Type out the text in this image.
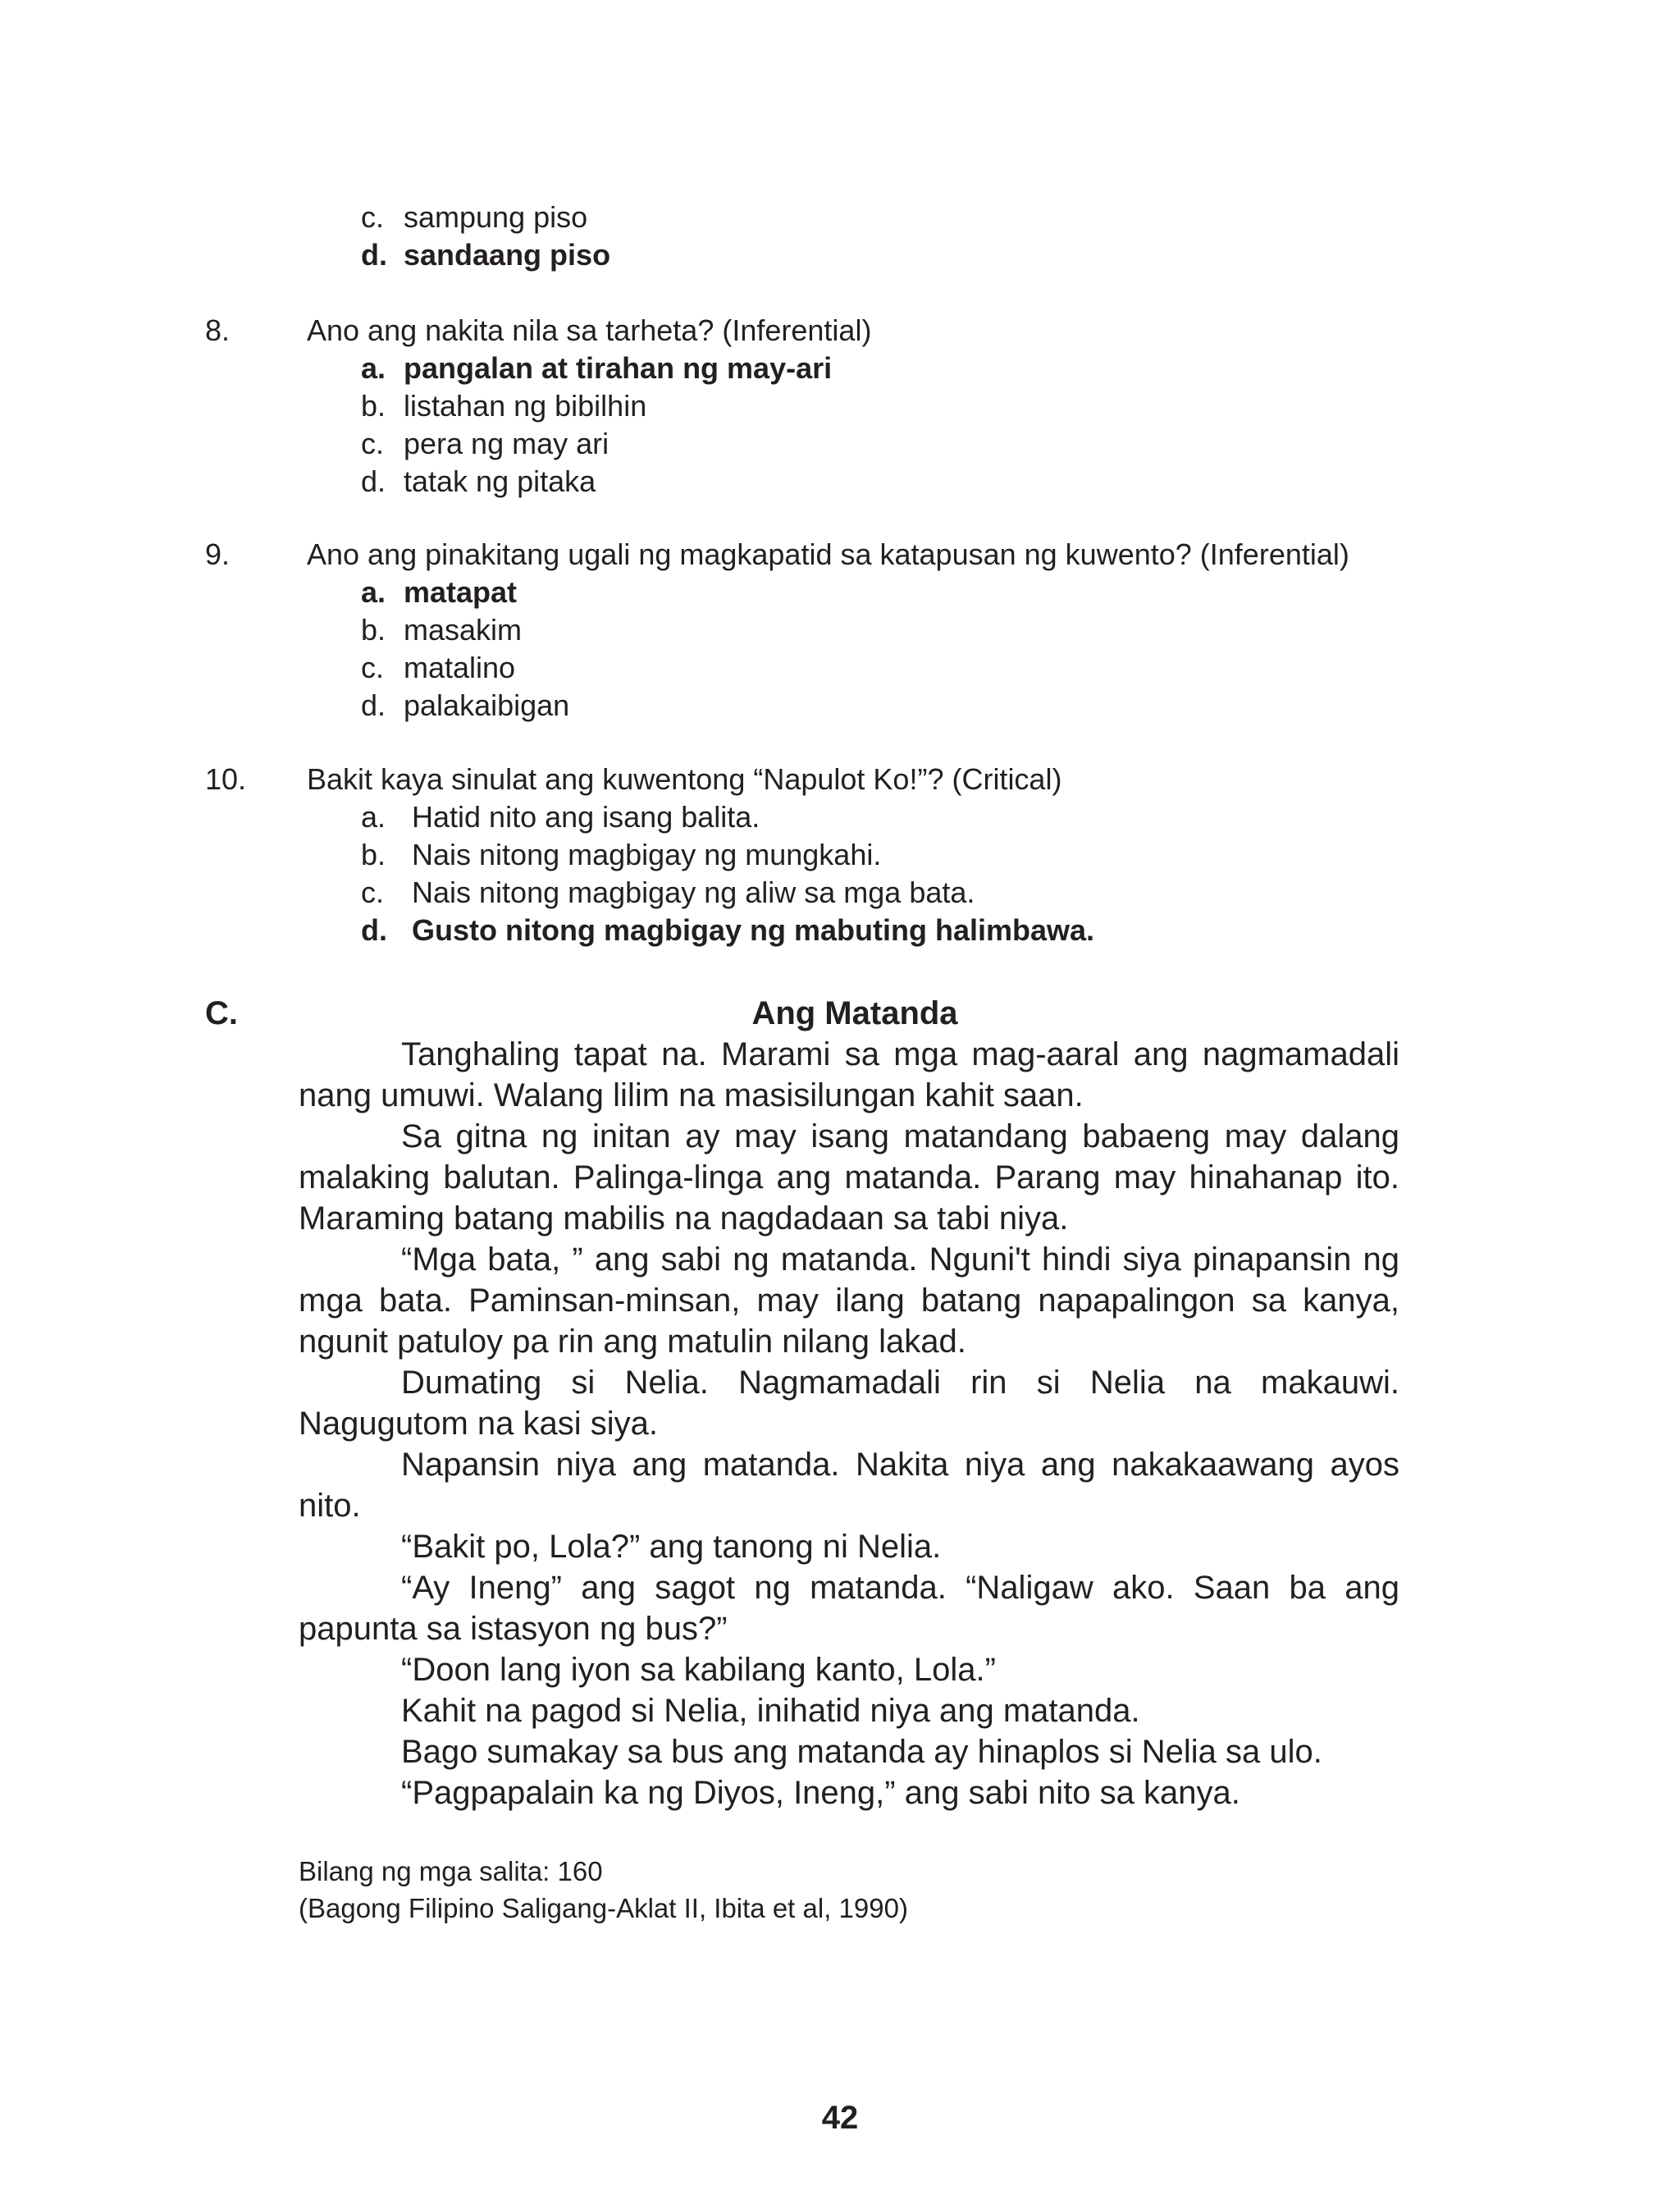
c. sampung piso
d. sandaang piso
8.	Ano ang nakita nila sa tarheta? (Inferential)
a. pangalan at tirahan ng may-ari
b. listahan ng bibilhin
c. pera ng may ari
d. tatak ng pitaka
9.	Ano ang pinakitang ugali ng magkapatid sa katapusan ng kuwento? (Inferential)
a. matapat
b. masakim
c. matalino
d. palakaibigan
10. Bakit kaya sinulat ang kuwentong “Napulot Ko!”? (Critical)
a. Hatid nito ang isang balita.
b. Nais nitong magbigay ng mungkahi.
c. Nais nitong magbigay ng aliw sa mga bata.
d. Gusto nitong magbigay ng mabuting halimbawa.
C.	Ang Matanda

Tanghaling tapat na. Marami sa mga mag-aaral ang nagmamadali nang umuwi. Walang lilim na masisilungan kahit saan.

Sa gitna ng initan ay may isang matandang babaeng may dalang malaking balutan. Palinga-linga ang matanda. Parang may hinahanap ito. Maraming batang mabilis na nagdadaan sa tabi niya.

“Mga bata, ” ang sabi ng matanda. Nguni't hindi siya pinapansin ng mga bata. Paminsan-minsan, may ilang batang napapalingon sa kanya, ngunit patuloy pa rin ang matulin nilang lakad.

Dumating si Nelia. Nagmamadali rin si Nelia na makauwi. Nagugutom na kasi siya.

Napansin niya ang matanda. Nakita niya ang nakakaawang ayos nito.

“Bakit po, Lola?” ang tanong ni Nelia.

“Ay Ineng” ang sagot ng matanda. “Naligaw ako. Saan ba ang papunta sa istasyon ng bus?”

“Doon lang iyon sa kabilang kanto, Lola.”

Kahit na pagod si Nelia, inihatid niya ang matanda.

Bago sumakay sa bus ang matanda ay hinaplos si Nelia sa ulo.

“Pagpapalain ka ng Diyos, Ineng,” ang sabi nito sa kanya.

Bilang ng mga salita: 160
(Bagong Filipino Saligang-Aklat II, Ibita et al, 1990)
42
